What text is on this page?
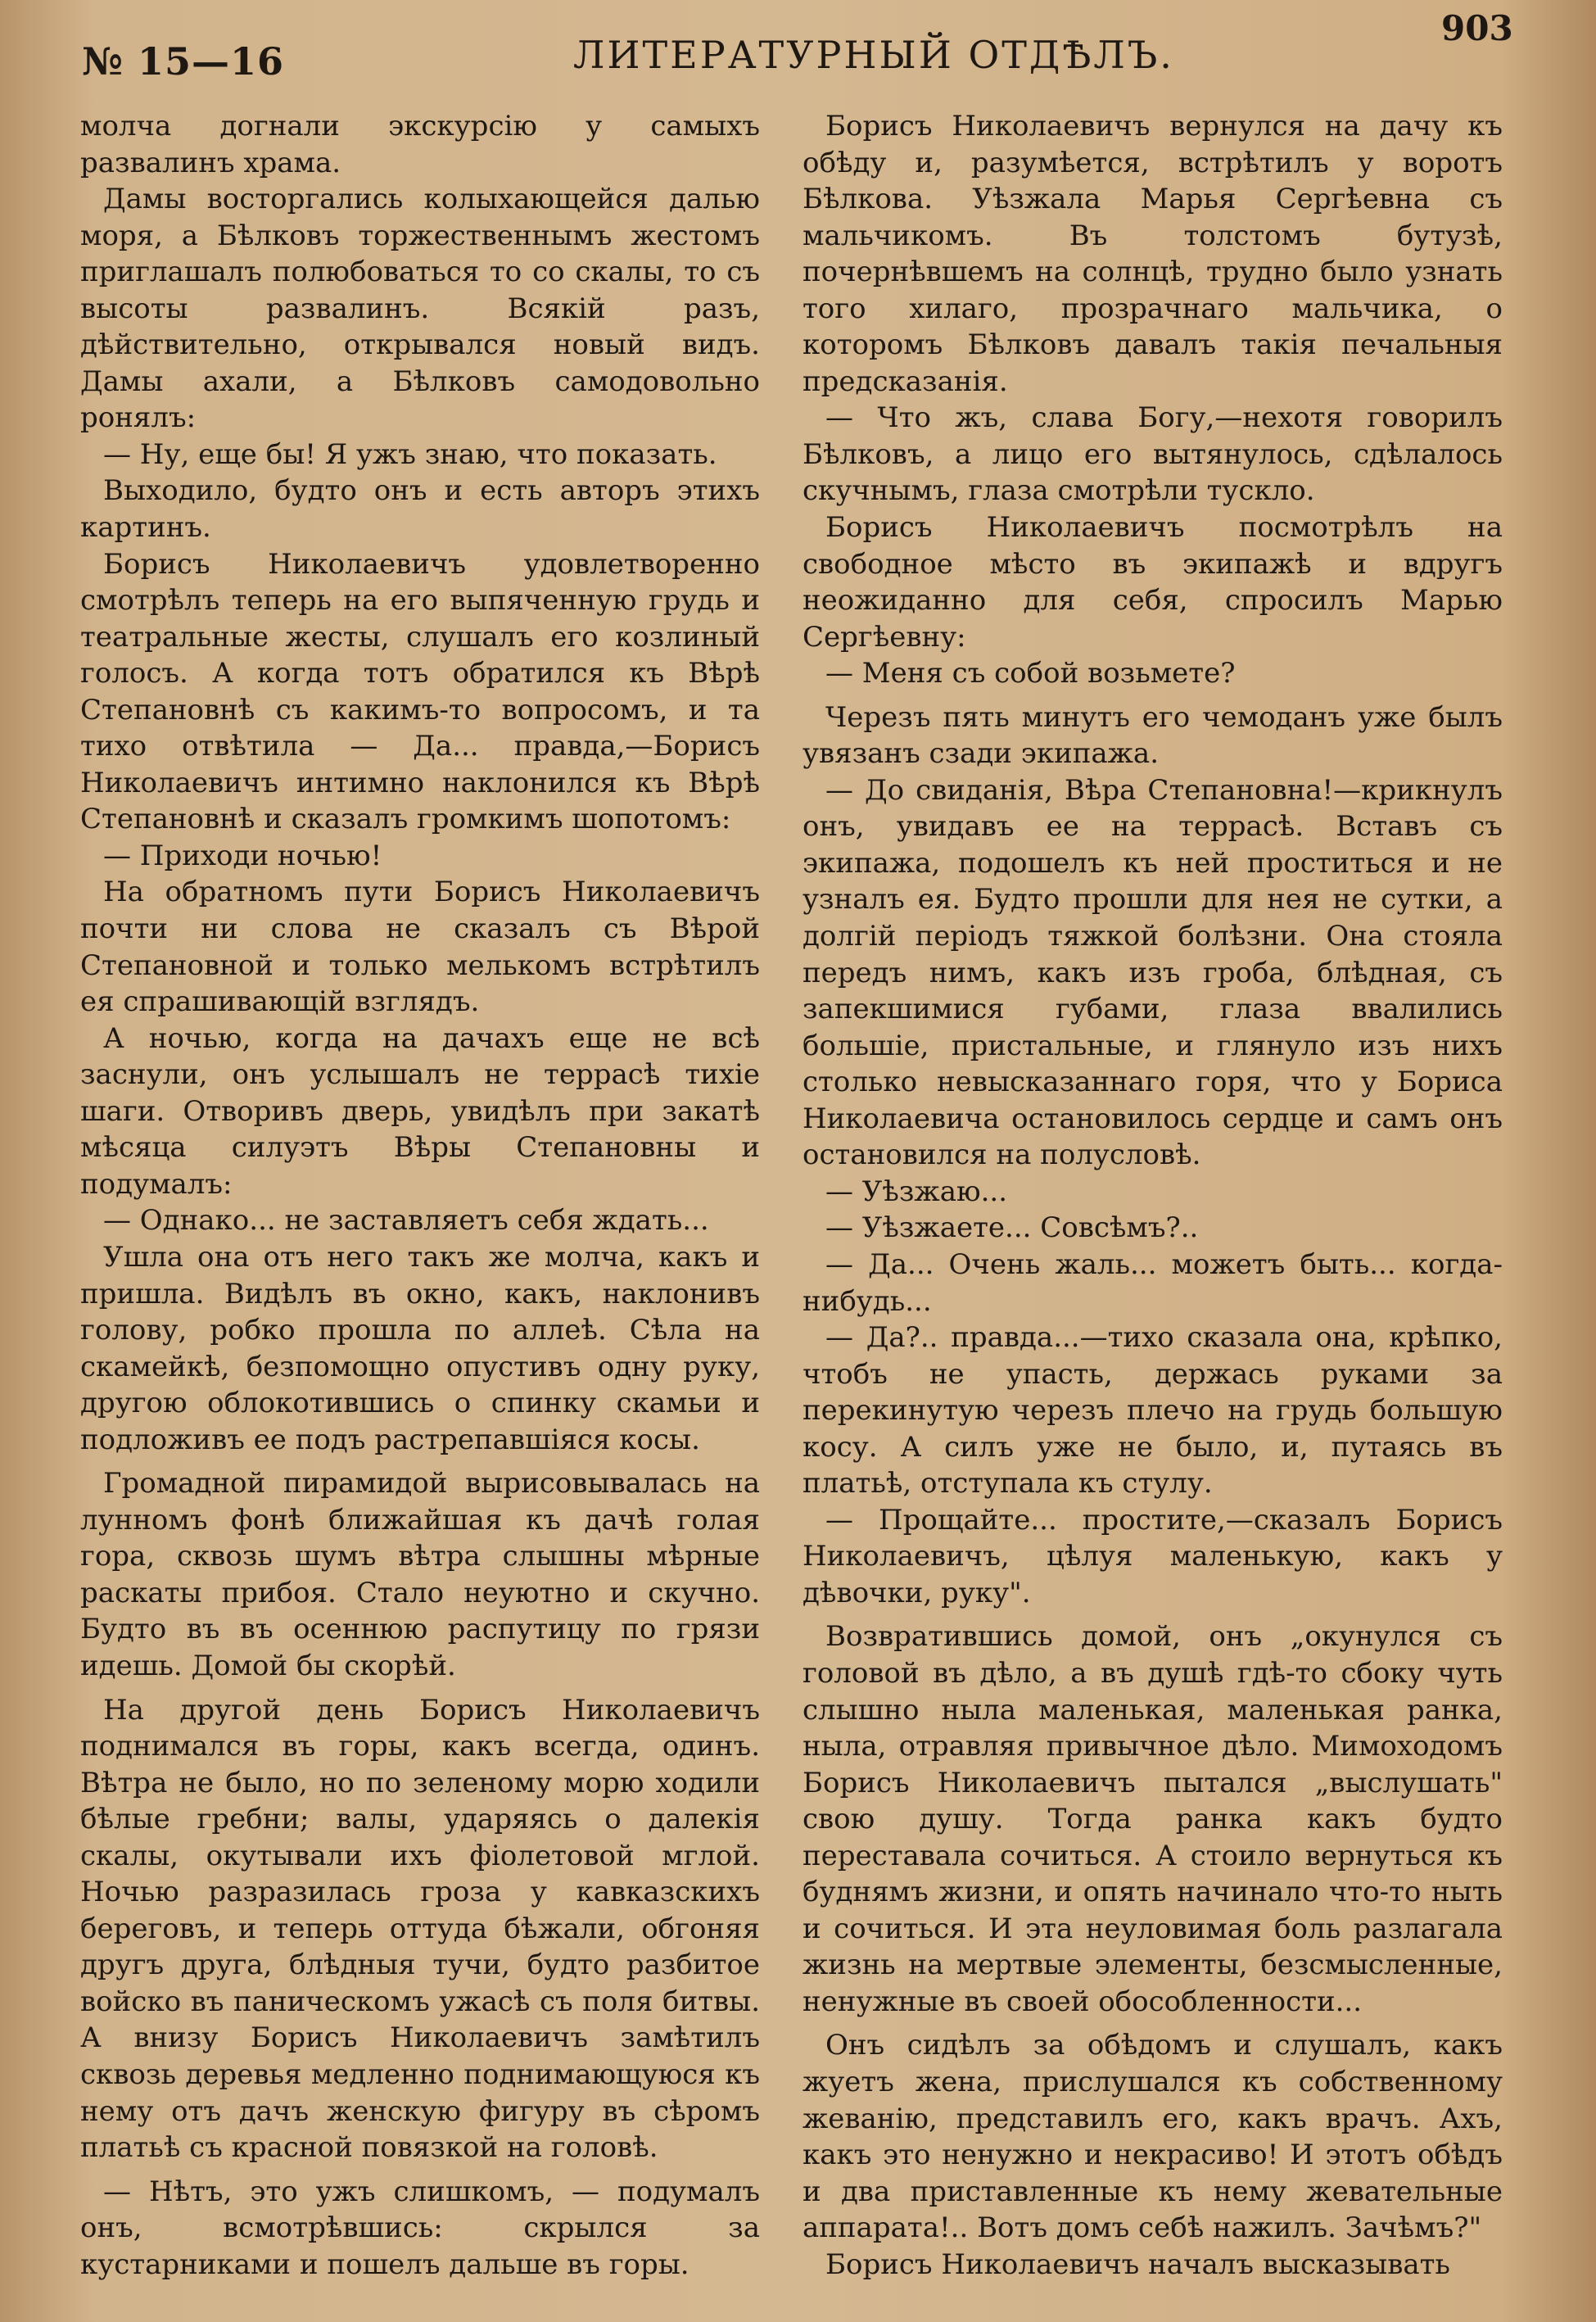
№ 15—16	ЛИТЕРАТУРНЫЙ ОТДѢЛЪ.
903

молча догнали экскурсію у самыхъ развалинъ храма.

Дамы восторгались колыхающейся далью моря, а Бѣлковъ торжественнымъ жестомъ приглашалъ полюбоваться то со скалы, то съ высоты развалинъ. Всякій разъ, дѣйствительно, открывался новый видъ. Дамы ахали, а Бѣлковъ самодовольно ронялъ:

— Ну, еще бы! Я ужъ знаю, что показать.

Выходило, будто онъ и есть авторъ этихъ картинъ.

Борисъ Николаевичъ удовлетворенно смотрѣлъ теперь на его выпяченную грудь и театральные жесты, слушалъ его козлиный голосъ. А когда тотъ обратился къ Вѣрѣ Степановнѣ съ какимъ-то вопросомъ, и та тихо отвѣтила — Да... правда,—Борисъ Николаевичъ интимно наклонился къ Вѣрѣ Степановнѣ и сказалъ громкимъ шопотомъ:

— Приходи ночью!

На обратномъ пути Борисъ Николаевичъ почти ни слова не сказалъ съ Вѣрой Степановной и только мелькомъ встрѣтилъ ея спрашивающій взглядъ.

А ночью, когда на дачахъ еще не всѣ заснули, онъ услышалъ не террасѣ тихіе шаги. Отворивъ дверь, увидѣлъ при закатѣ мѣсяца силуэтъ Вѣры Степановны и подумалъ:

— Однако... не заставляетъ себя ждать...

Ушла она отъ него такъ же молча, какъ и пришла. Видѣлъ въ окно, какъ, наклонивъ голову, робко прошла по аллеѣ. Сѣла на скамейкѣ, безпомощно опустивъ одну руку, другою облокотившись о спинку скамьи и подложивъ ее подъ растрепавшіяся косы.

Громадной пирамидой вырисовывалась на лунномъ фонѣ ближайшая къ дачѣ голая гора, сквозь шумъ вѣтра слышны мѣрные раскаты прибоя. Стало неуютно и скучно. Будто въ въ осеннюю распутицу по грязи идешь. Домой бы скорѣй.

На другой день Борисъ Николаевичъ поднимался въ горы, какъ всегда, одинъ. Вѣтра не было, но по зеленому морю ходили бѣлые гребни; валы, ударяясь о далекія скалы, окутывали ихъ фіолетовой мглой. Ночью разразилась гроза у кавказскихъ береговъ, и теперь оттуда бѣжали, обгоняя другъ друга, блѣдныя тучи, будто разбитое войско въ паническомъ ужасѣ съ поля битвы. А внизу Борисъ Николаевичъ замѣтилъ сквозь деревья медленно поднимающуюся къ нему отъ дачъ женскую фигуру въ сѣромъ платьѣ съ красной повязкой на головѣ.

— Нѣтъ, это ужъ слишкомъ, — подумалъ онъ, всмотрѣвшись: скрылся за кустарниками и пошелъ дальше въ горы.

Борисъ Николаевичъ вернулся на дачу къ обѣду и, разумѣется, встрѣтилъ у воротъ Бѣлкова. Уѣзжала Марья Сергѣевна съ мальчикомъ. Въ толстомъ бутузѣ, почернѣвшемъ на солнцѣ, трудно было узнать того хилаго, прозрачнаго мальчика, о которомъ Бѣлковъ давалъ такія печальныя предсказанія.

— Что жъ, слава Богу,—нехотя говорилъ Бѣлковъ, а лицо его вытянулось, сдѣлалось скучнымъ, глаза смотрѣли тускло.

Борисъ Николаевичъ посмотрѣлъ на свободное мѣсто въ экипажѣ и вдругъ неожиданно для себя, спросилъ Марью Сергѣевну:

— Меня съ собой возьмете?

Черезъ пять минутъ его чемоданъ уже былъ увязанъ сзади экипажа.

— До свиданія, Вѣра Степановна!—крикнулъ онъ, увидавъ ее на террасѣ. Вставъ съ экипажа, подошелъ къ ней проститься и не узналъ ея. Будто прошли для нея не сутки, а долгій періодъ тяжкой болѣзни. Она стояла передъ нимъ, какъ изъ гроба, блѣдная, съ запекшимися губами, глаза ввалились большіе, пристальные, и глянуло изъ нихъ столько невысказаннаго горя, что у Бориса Николаевича остановилось сердце и самъ онъ остановился на полусловѣ.

— Уѣзжаю...

— Уѣзжаете... Совсѣмъ?..

— Да... Очень жаль... можетъ быть... когда-нибудь...

— Да?.. правда...—тихо сказала она, крѣпко, чтобъ не упасть, держась руками за перекинутую черезъ плечо на грудь большую косу. А силъ уже не было, и, путаясь въ платьѣ, отступала къ стулу.

— Прощайте... простите,—сказалъ Борисъ Николаевичъ, цѣлуя маленькую, какъ у дѣвочки, руку".

Возвратившись домой, онъ „окунулся съ головой въ дѣло, а въ душѣ гдѣ-то сбоку чуть слышно ныла маленькая, маленькая ранка, ныла, отравляя привычное дѣло. Мимоходомъ Борисъ Николаевичъ пытался „выслушать" свою душу. Тогда ранка какъ будто переставала сочиться. А стоило вернуться къ буднямъ жизни, и опять начинало что-то ныть и сочиться. И эта неуловимая боль разлагала жизнь на мертвые элементы, безсмысленные, ненужные въ своей обособленности...

Онъ сидѣлъ за обѣдомъ и слушалъ, какъ жуетъ жена, прислушался къ собственному жеванію, представилъ его, какъ врачъ. Ахъ, какъ это ненужно и некрасиво! И этотъ обѣдъ и два приставленные къ нему жевательные аппарата!.. Вотъ домъ себѣ нажилъ. Зачѣмъ?"

Борисъ Николаевичъ началъ высказывать
